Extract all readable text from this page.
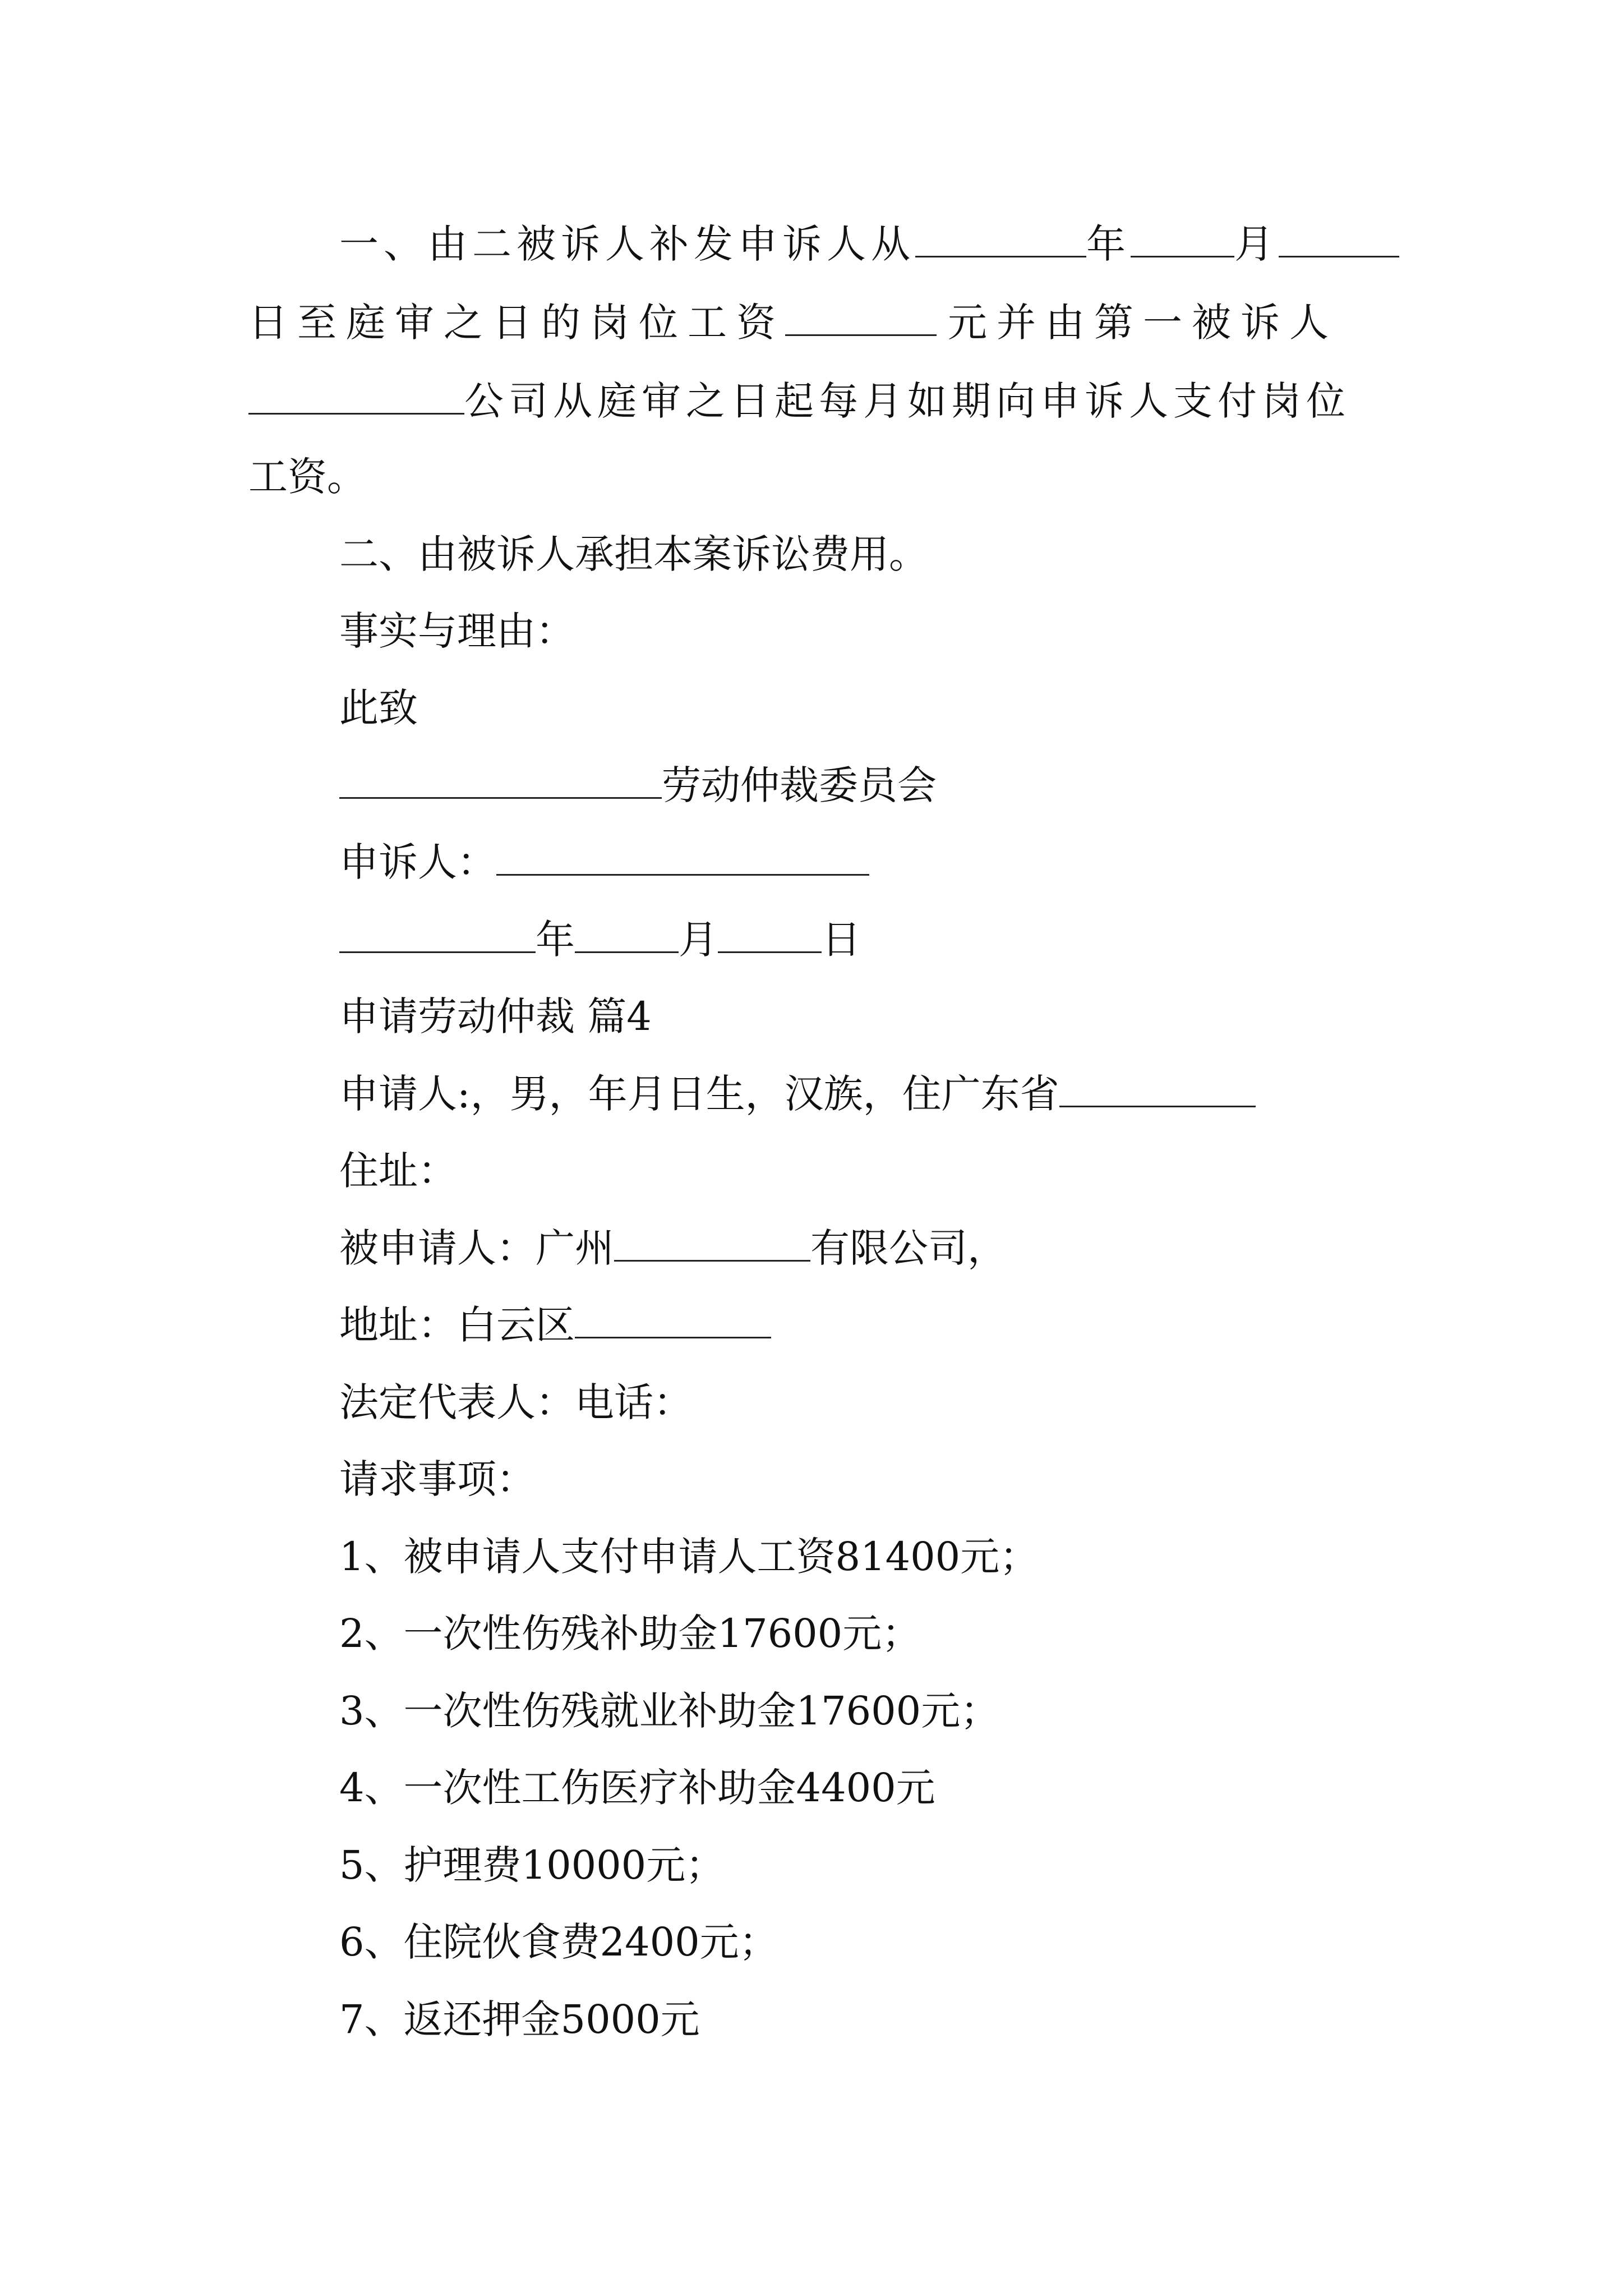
一、由二被诉人补发申诉人从	年	月
日至庭审之日的岗位工资	元并由第一被诉人
公司从庭审之日起每月如期向申诉人支付岗位
工资。
二、由被诉人承担本案诉讼费用。
事实与理由：
此致
劳动仲裁委员会
申诉人：
年	月	日
申请劳动仲裁 篇4
申请人:，男，年月日生，汉族，住广东省
住址：
被申请人：广州	有限公司，
地址：白云区
法定代表人：电话：
请求事项：
1、被申请人支付申请人工资81400元；
2、一次性伤残补助金17600元；
3、一次性伤残就业补助金17600元；
4、一次性工伤医疗补助金4400元
5、护理费10000元；
6、住院伙食费2400元；
7、返还押金5000元
